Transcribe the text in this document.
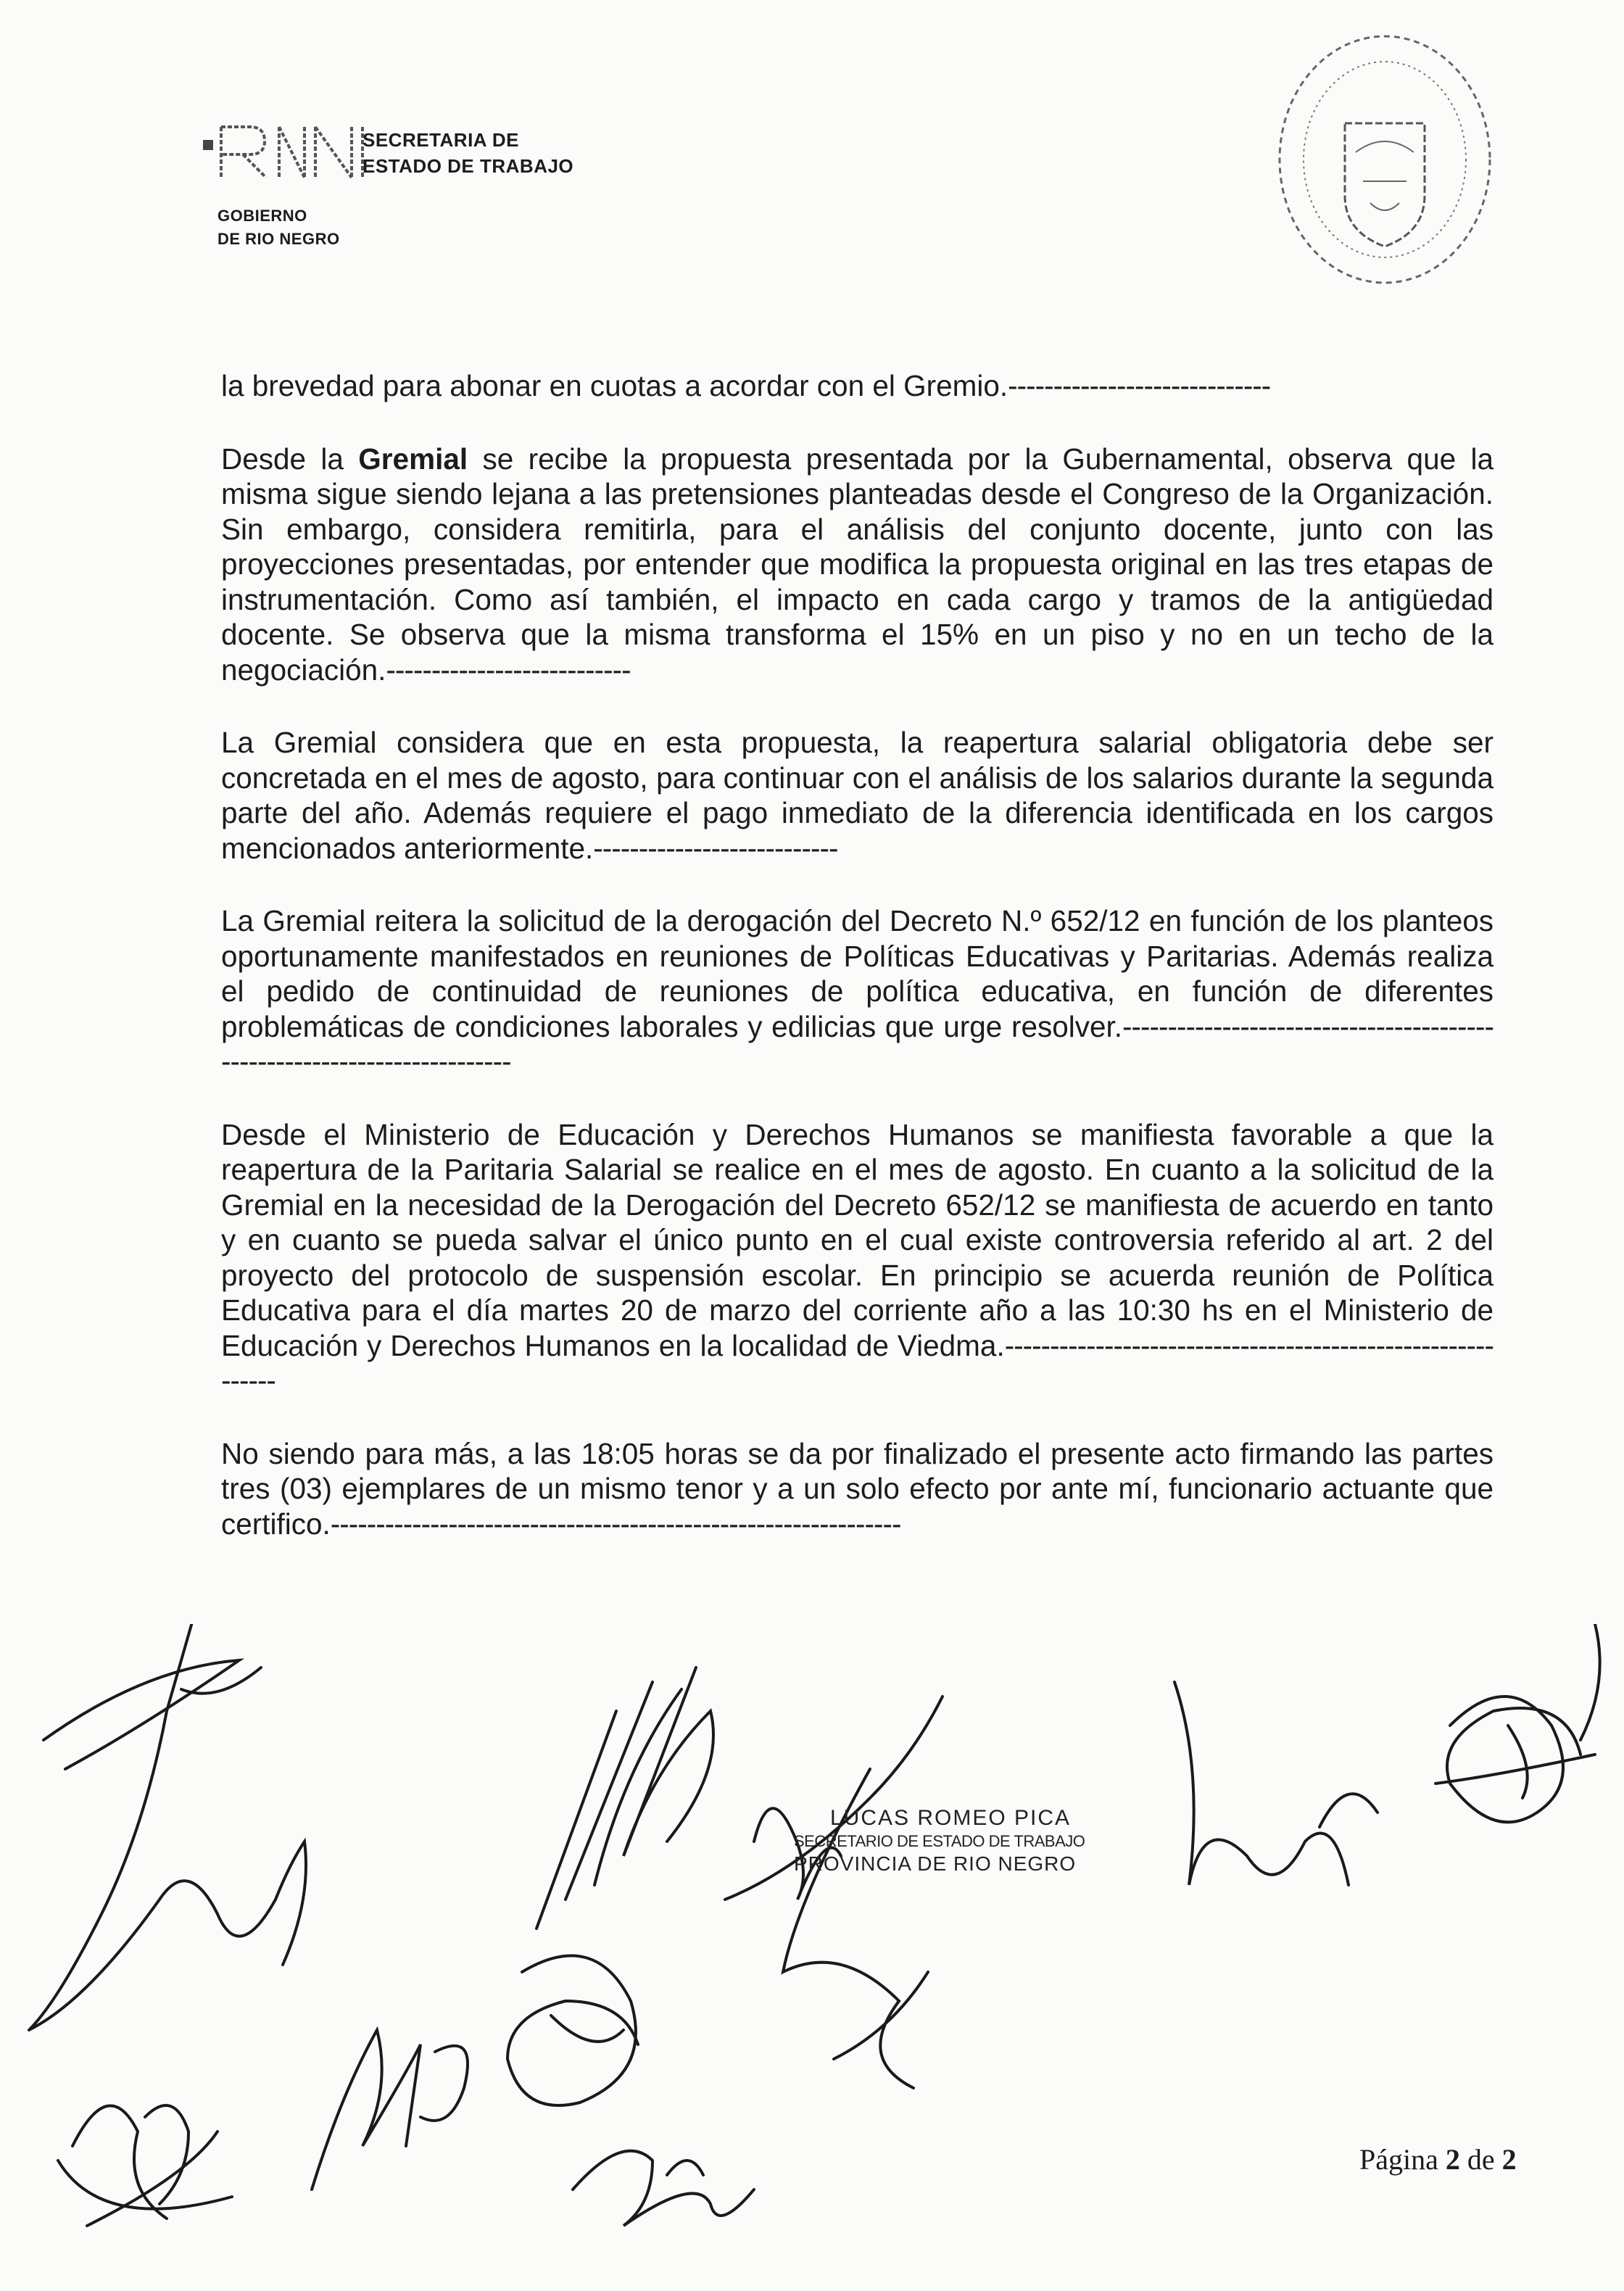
SECRETARIA DE
ESTADO DE TRABAJO
GOBIERNO
DE RIO NEGRO

la brevedad para abonar en cuotas a acordar con el Gremio.-----------------------------

Desde la Gremial se recibe la propuesta presentada por la Gubernamental, observa que la misma sigue siendo lejana a las pretensiones planteadas desde el Congreso de la Organización. Sin embargo, considera remitirla, para el análisis del conjunto docente, junto con las proyecciones presentadas, por entender que modifica la propuesta original en las tres etapas de instrumentación. Como así también, el impacto en cada cargo y tramos de la antigüedad docente. Se observa que la misma transforma el 15% en un piso y no en un techo de la negociación.---------------------------

La Gremial considera que en esta propuesta, la reapertura salarial obligatoria debe ser concretada en el mes de agosto, para continuar con el análisis de los salarios durante la segunda parte del año. Además requiere el pago inmediato de la diferencia identificada en los cargos mencionados anteriormente.---------------------------

La Gremial reitera la solicitud de la derogación del Decreto N.º 652/12 en función de los planteos oportunamente manifestados en reuniones de Políticas Educativas y Paritarias. Además realiza el pedido de continuidad de reuniones de política educativa, en función de diferentes problemáticas de condiciones laborales y edilicias que urge resolver.-------------------------------------------------------------------------

Desde el Ministerio de Educación y Derechos Humanos se manifiesta favorable a que la reapertura de la Paritaria Salarial se realice en el mes de agosto. En cuanto a la solicitud de la Gremial en la necesidad de la Derogación del Decreto 652/12 se manifiesta de acuerdo en tanto y en cuanto se pueda salvar el único punto en el cual existe controversia referido al art. 2 del proyecto del protocolo de suspensión escolar. En principio se acuerda reunión de Política Educativa para el día martes 20 de marzo del corriente año a las 10:30 hs en el Ministerio de Educación y Derechos Humanos en la localidad de Viedma.------------------------------------------------------------

No siendo para más, a las 18:05 horas se da por finalizado el presente acto firmando las partes tres (03) ejemplares de un mismo tenor y a un solo efecto por ante mí, funcionario actuante que certifico.---------------------------------------------------------------

LUCAS ROMEO PICA
SECRETARIO DE ESTADO DE TRABAJO
PROVINCIA DE RIO NEGRO
Página 2 de 2
